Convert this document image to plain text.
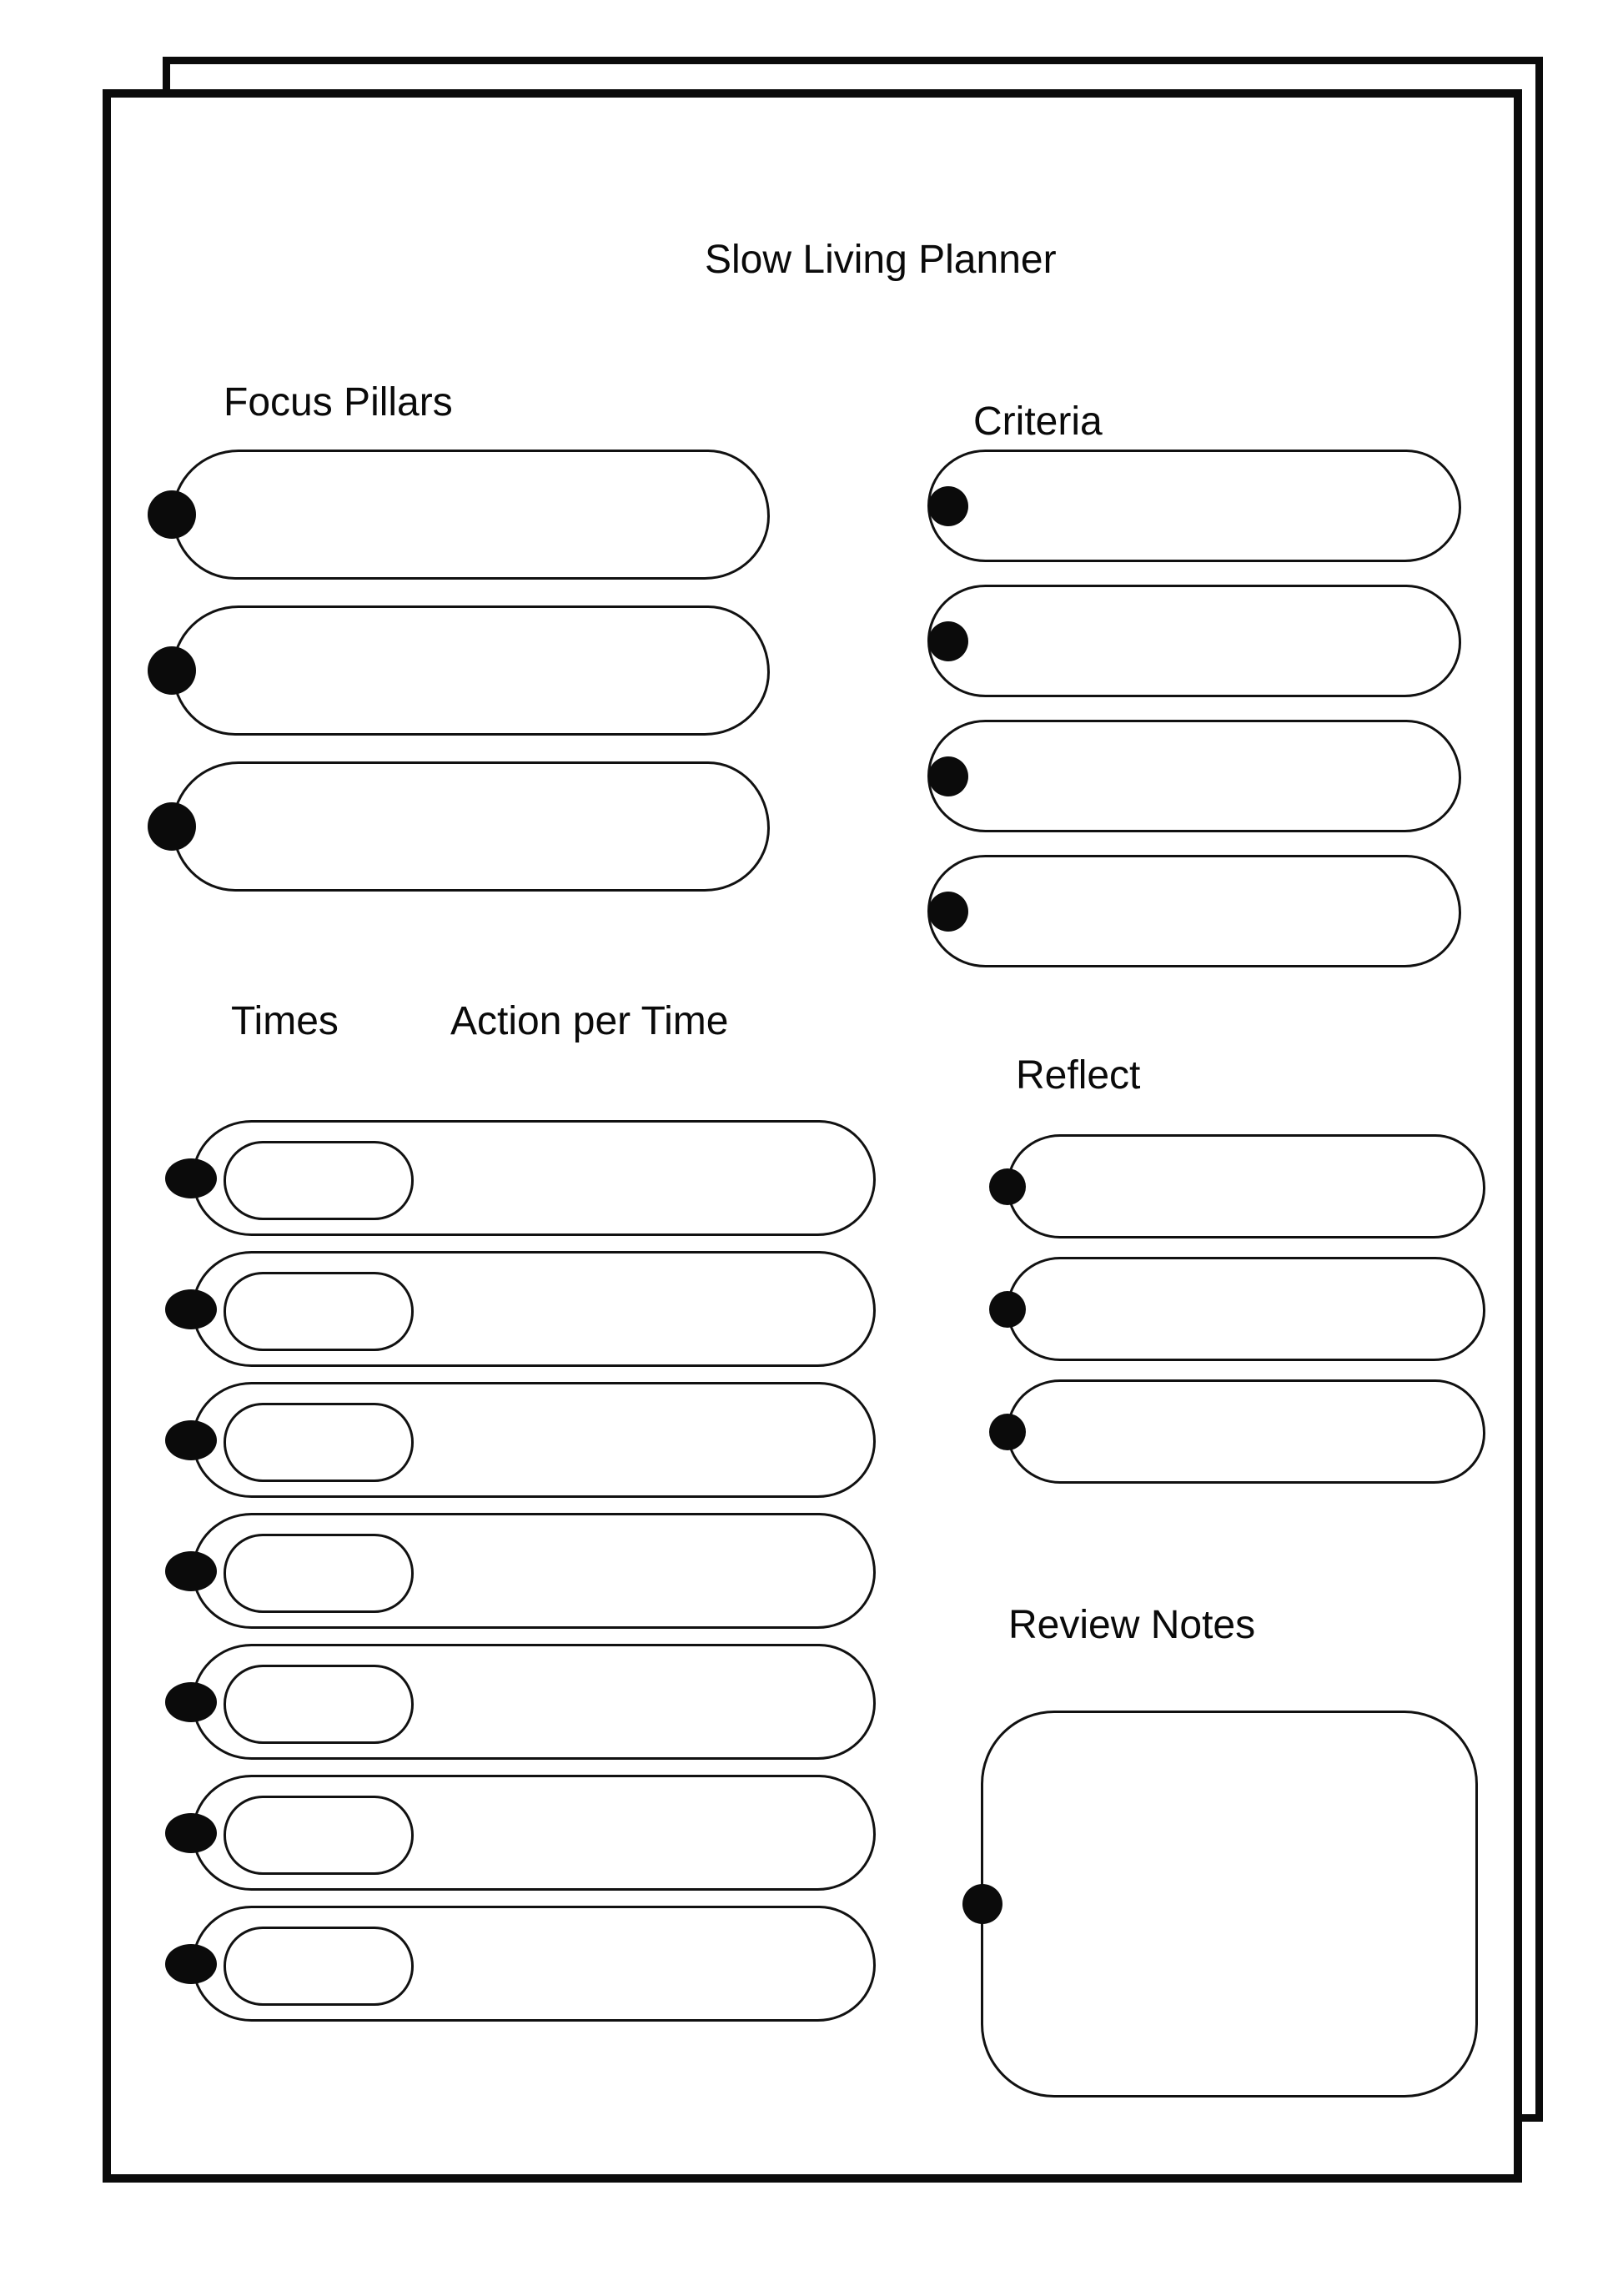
Slow Living Planner
Focus Pillars	Criteria
Times	Action per Time
Reflect
Review Notes
